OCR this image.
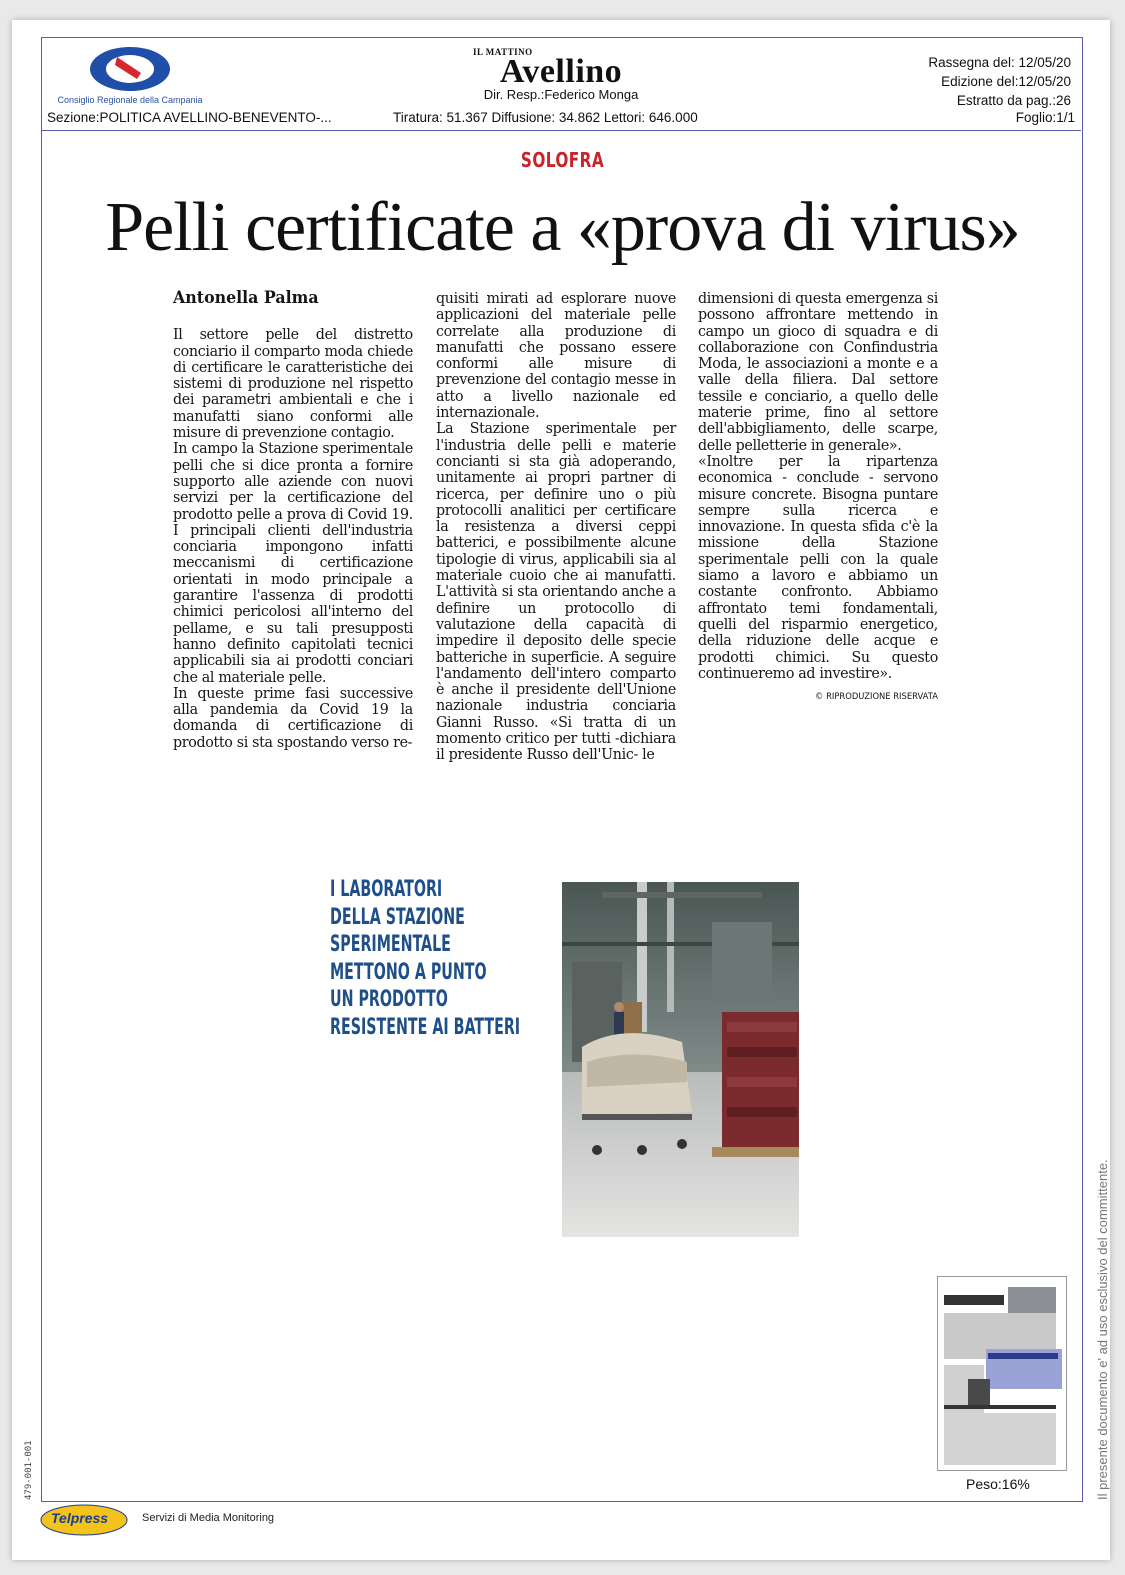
Consiglio Regionale della Campania
IL MATTINO
Avellino
Dir. Resp.:Federico Monga
Rassegna del: 12/05/20
Edizione del:12/05/20
Estratto da pag.:26
Sezione:POLITICA AVELLINO-BENEVENTO-...	Tiratura: 51.367 Diffusione: 34.862 Lettori: 646.000	Foglio:1/1
SOLOFRA
Pelli certificate a «prova di virus»

Antonella Palma

Il settore pelle del distretto conciario il comparto moda chiede di certificare le caratteristiche dei sistemi di produzione nel rispetto dei parametri ambientali e che i manufatti siano conformi alle misure di prevenzione contagio.

In campo la Stazione sperimentale pelli che si dice pronta a fornire supporto alle aziende con nuovi servizi per la certificazione del prodotto pelle a prova di Covid 19. I principali clienti dell'industria conciaria impongono infatti meccanismi di certificazione orientati in modo principale a garantire l'assenza di prodotti chimici pericolosi all'interno del pellame, e su tali presupposti hanno definito capitolati tecnici applicabili sia ai prodotti conciari che al materiale pelle.

In queste prime fasi successive alla pandemia da Covid 19 la domanda di certificazione di prodotto si sta spostando verso re-

quisiti mirati ad esplorare nuove applicazioni del materiale pelle correlate alla produzione di manufatti che possano essere conformi alle misure di prevenzione del contagio messe in atto a livello nazionale ed internazionale.

La Stazione sperimentale per l'industria delle pelli e materie concianti si sta già adoperando, unitamente ai propri partner di ricerca, per definire uno o più protocolli analitici per certificare la resistenza a diversi ceppi batterici, e possibilmente alcune tipologie di virus, applicabili sia al materiale cuoio che ai manufatti. L'attività si sta orientando anche a definire un protocollo di valutazione della capacità di impedire il deposito delle specie batteriche in superficie. A seguire l'andamento dell'intero comparto è anche il presidente dell'Unione nazionale industria conciaria Gianni Russo. «Si tratta di un momento critico per tutti -dichiara il presidente Russo dell'Unic- le

dimensioni di questa emergenza si possono affrontare mettendo in campo un gioco di squadra e di collaborazione con Confindustria Moda, le associazioni a monte e a valle della filiera. Dal settore tessile e conciario, a quello delle materie prime, fino al settore dell'abbigliamento, delle scarpe, delle pelletterie in generale».

«Inoltre per la ripartenza economica - conclude - servono misure concrete. Bisogna puntare sempre sulla ricerca e innovazione. In questa sfida c'è la missione della Stazione sperimentale pelli con la quale siamo a lavoro e abbiamo un costante confronto. Abbiamo affrontato temi fondamentali, quelli del risparmio energetico, della riduzione delle acque e prodotti chimici. Su questo continueremo ad investire».

© RIPRODUZIONE RISERVATA

I LABORATORI
DELLA STAZIONE
SPERIMENTALE
METTONO A PUNTO
UN PRODOTTO
RESISTENTE AI BATTERI
Peso:16%	Il presente documento e' ad uso esclusivo del committente.
479-001-001
Telpress	Servizi di Media Monitoring
